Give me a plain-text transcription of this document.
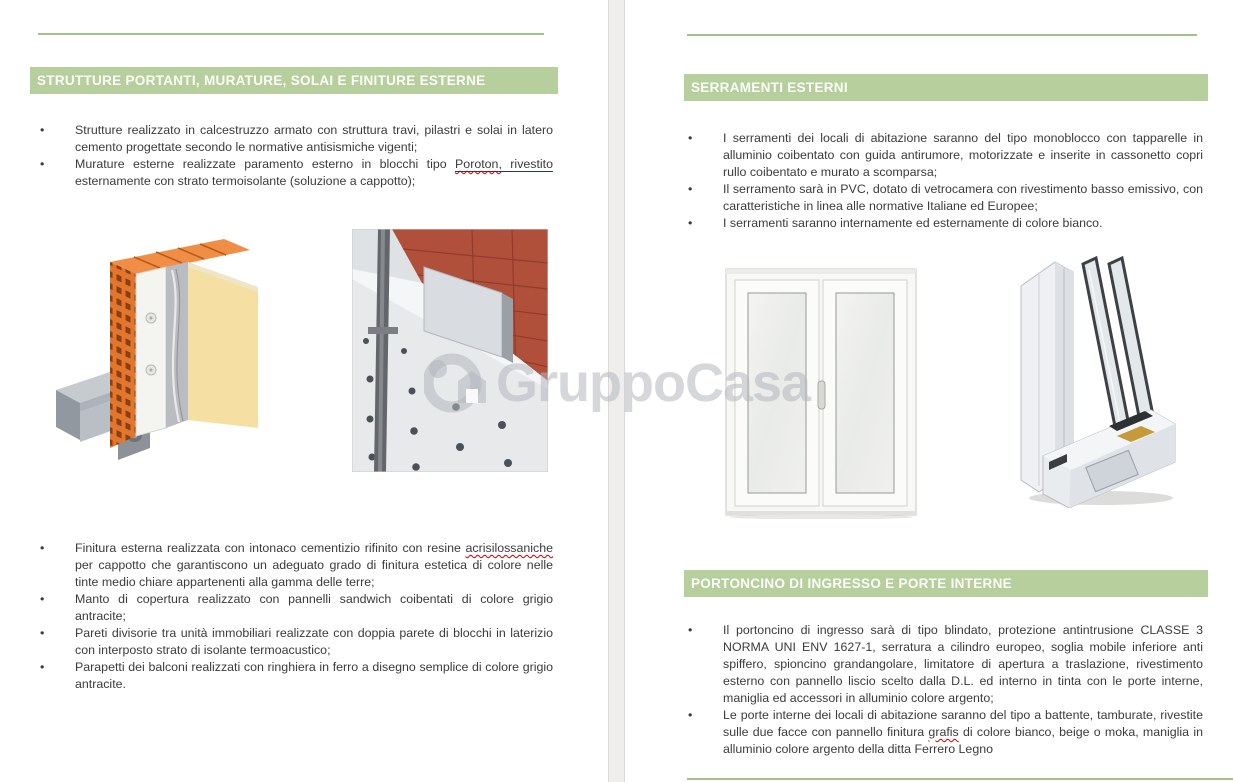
STRUTTURE PORTANTI, MURATURE, SOLAI E FINITURE ESTERNE
• Strutture realizzato in calcestruzzo armato con struttura travi, pilastri e solai in latero cemento progettate secondo le normative antisismiche vigenti;
• Murature esterne realizzate paramento esterno in blocchi tipo Poroton, rivestito esternamente con strato termoisolante (soluzione a cappotto);
• Finitura esterna realizzata con intonaco cementizio rifinito con resine acrisilossaniche per cappotto che garantiscono un adeguato grado di finitura estetica di colore nelle tinte medio chiare appartenenti alla gamma delle terre;
• Manto di copertura realizzato con pannelli sandwich coibentati di colore grigio antracite;
• Pareti divisorie tra unità immobiliari realizzate con doppia parete di blocchi in laterizio con interposto strato di isolante termoacustico;
• Parapetti dei balconi realizzati con ringhiera in ferro a disegno semplice di colore grigio antracite.
SERRAMENTI ESTERNI
• I serramenti dei locali di abitazione saranno del tipo monoblocco con tapparelle in alluminio coibentato con guida antirumore, motorizzate e inserite in cassonetto copri rullo coibentato e murato a scomparsa;
• Il serramento sarà in PVC, dotato di vetrocamera con rivestimento basso emissivo, con caratteristiche in linea alle normative Italiane ed Europee;
• I serramenti saranno internamente ed esternamente di colore bianco.
PORTONCINO DI INGRESSO E PORTE INTERNE
• Il portoncino di ingresso sarà di tipo blindato, protezione antintrusione CLASSE 3 NORMA UNI ENV 1627-1, serratura a cilindro europeo, soglia mobile inferiore anti spiffero, spioncino grandangolare, limitatore di apertura a traslazione, rivestimento esterno con pannello liscio scelto dalla D.L. ed interno in tinta con le porte interne, maniglia ed accessori in alluminio colore argento;
• Le porte interne dei locali di abitazione saranno del tipo a battente, tamburate, rivestite sulle due facce con pannello finitura grafis di colore bianco, beige o moka, maniglia in alluminio colore argento della ditta Ferrero Legno
GruppoCasa
